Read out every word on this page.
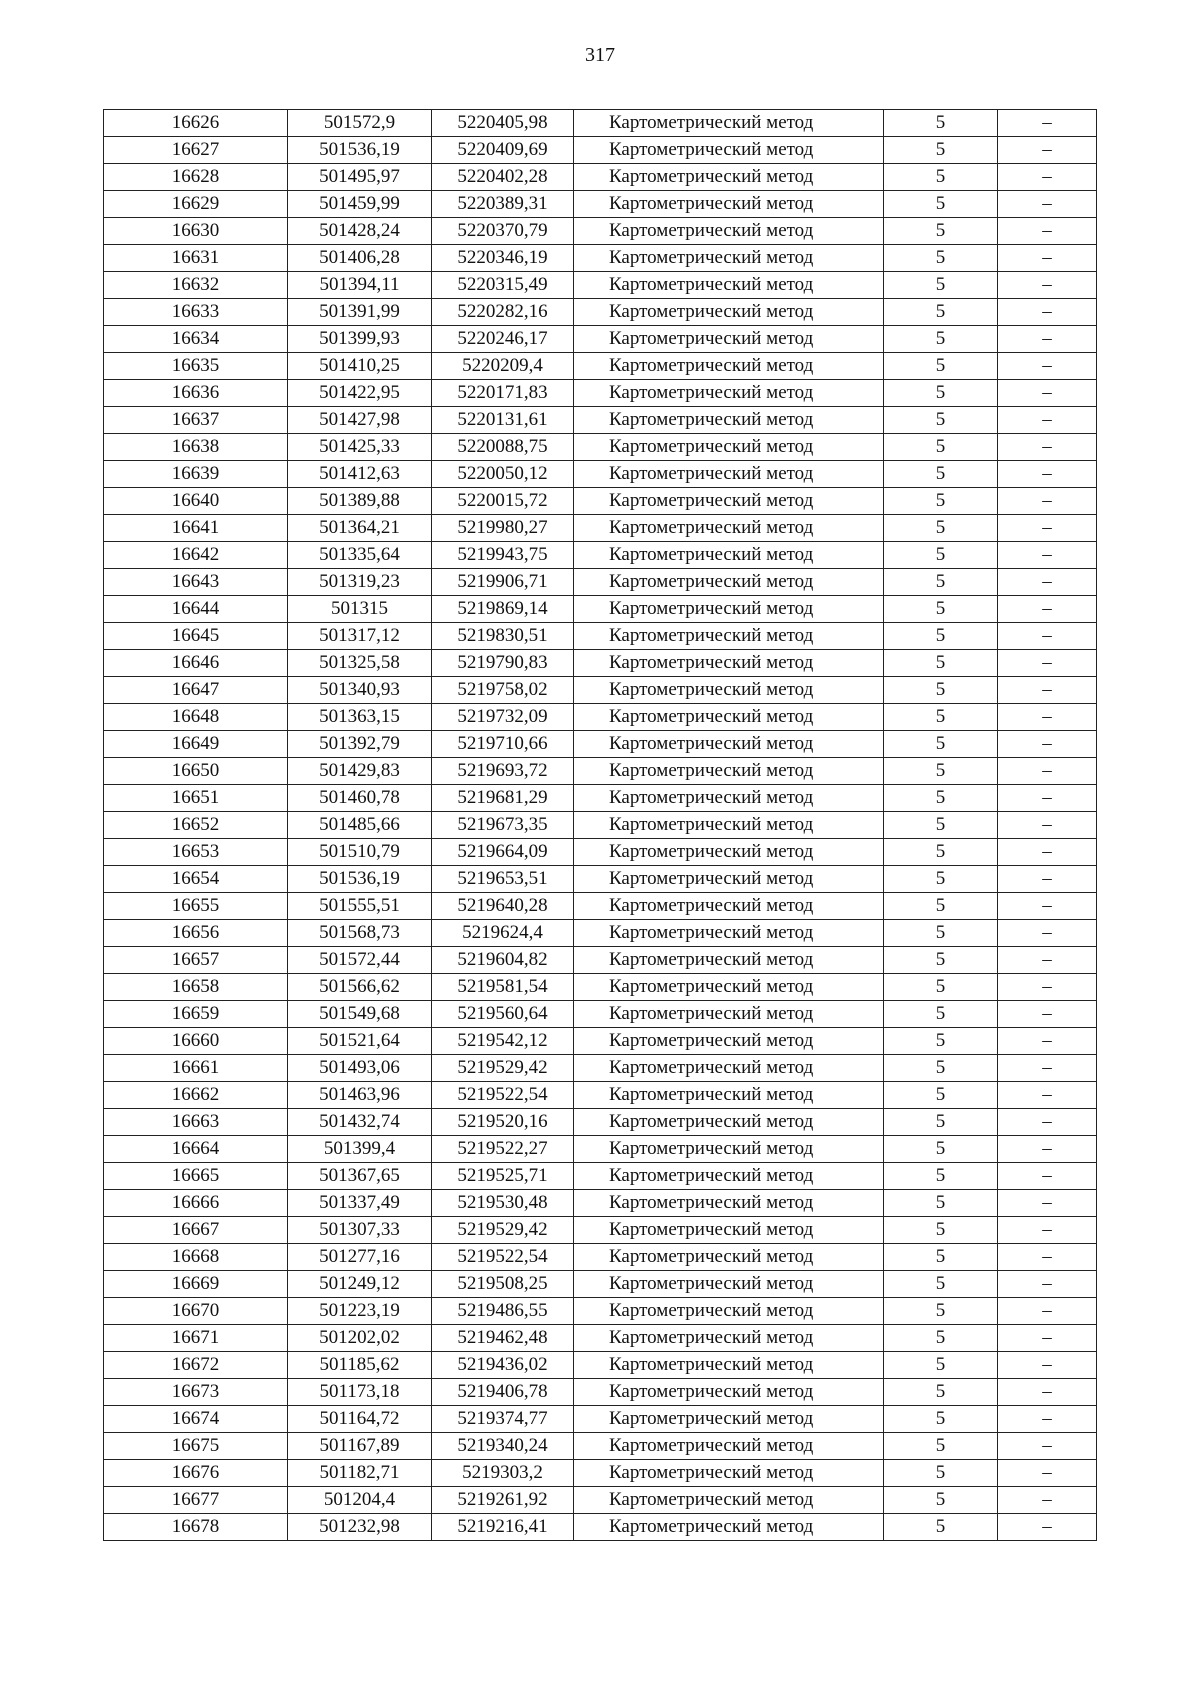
317
16626	501572,9	5220405,98	Картометрический метод	5	–
16627	501536,19	5220409,69	Картометрический метод	5	–
16628	501495,97	5220402,28	Картометрический метод	5	–
16629	501459,99	5220389,31	Картометрический метод	5	–
16630	501428,24	5220370,79	Картометрический метод	5	–
16631	501406,28	5220346,19	Картометрический метод	5	–
16632	501394,11	5220315,49	Картометрический метод	5	–
16633	501391,99	5220282,16	Картометрический метод	5	–
16634	501399,93	5220246,17	Картометрический метод	5	–
16635	501410,25	5220209,4	Картометрический метод	5	–
16636	501422,95	5220171,83	Картометрический метод	5	–
16637	501427,98	5220131,61	Картометрический метод	5	–
16638	501425,33	5220088,75	Картометрический метод	5	–
16639	501412,63	5220050,12	Картометрический метод	5	–
16640	501389,88	5220015,72	Картометрический метод	5	–
16641	501364,21	5219980,27	Картометрический метод	5	–
16642	501335,64	5219943,75	Картометрический метод	5	–
16643	501319,23	5219906,71	Картометрический метод	5	–
16644	501315	5219869,14	Картометрический метод	5	–
16645	501317,12	5219830,51	Картометрический метод	5	–
16646	501325,58	5219790,83	Картометрический метод	5	–
16647	501340,93	5219758,02	Картометрический метод	5	–
16648	501363,15	5219732,09	Картометрический метод	5	–
16649	501392,79	5219710,66	Картометрический метод	5	–
16650	501429,83	5219693,72	Картометрический метод	5	–
16651	501460,78	5219681,29	Картометрический метод	5	–
16652	501485,66	5219673,35	Картометрический метод	5	–
16653	501510,79	5219664,09	Картометрический метод	5	–
16654	501536,19	5219653,51	Картометрический метод	5	–
16655	501555,51	5219640,28	Картометрический метод	5	–
16656	501568,73	5219624,4	Картометрический метод	5	–
16657	501572,44	5219604,82	Картометрический метод	5	–
16658	501566,62	5219581,54	Картометрический метод	5	–
16659	501549,68	5219560,64	Картометрический метод	5	–
16660	501521,64	5219542,12	Картометрический метод	5	–
16661	501493,06	5219529,42	Картометрический метод	5	–
16662	501463,96	5219522,54	Картометрический метод	5	–
16663	501432,74	5219520,16	Картометрический метод	5	–
16664	501399,4	5219522,27	Картометрический метод	5	–
16665	501367,65	5219525,71	Картометрический метод	5	–
16666	501337,49	5219530,48	Картометрический метод	5	–
16667	501307,33	5219529,42	Картометрический метод	5	–
16668	501277,16	5219522,54	Картометрический метод	5	–
16669	501249,12	5219508,25	Картометрический метод	5	–
16670	501223,19	5219486,55	Картометрический метод	5	–
16671	501202,02	5219462,48	Картометрический метод	5	–
16672	501185,62	5219436,02	Картометрический метод	5	–
16673	501173,18	5219406,78	Картометрический метод	5	–
16674	501164,72	5219374,77	Картометрический метод	5	–
16675	501167,89	5219340,24	Картометрический метод	5	–
16676	501182,71	5219303,2	Картометрический метод	5	–
16677	501204,4	5219261,92	Картометрический метод	5	–
16678	501232,98	5219216,41	Картометрический метод	5	–
